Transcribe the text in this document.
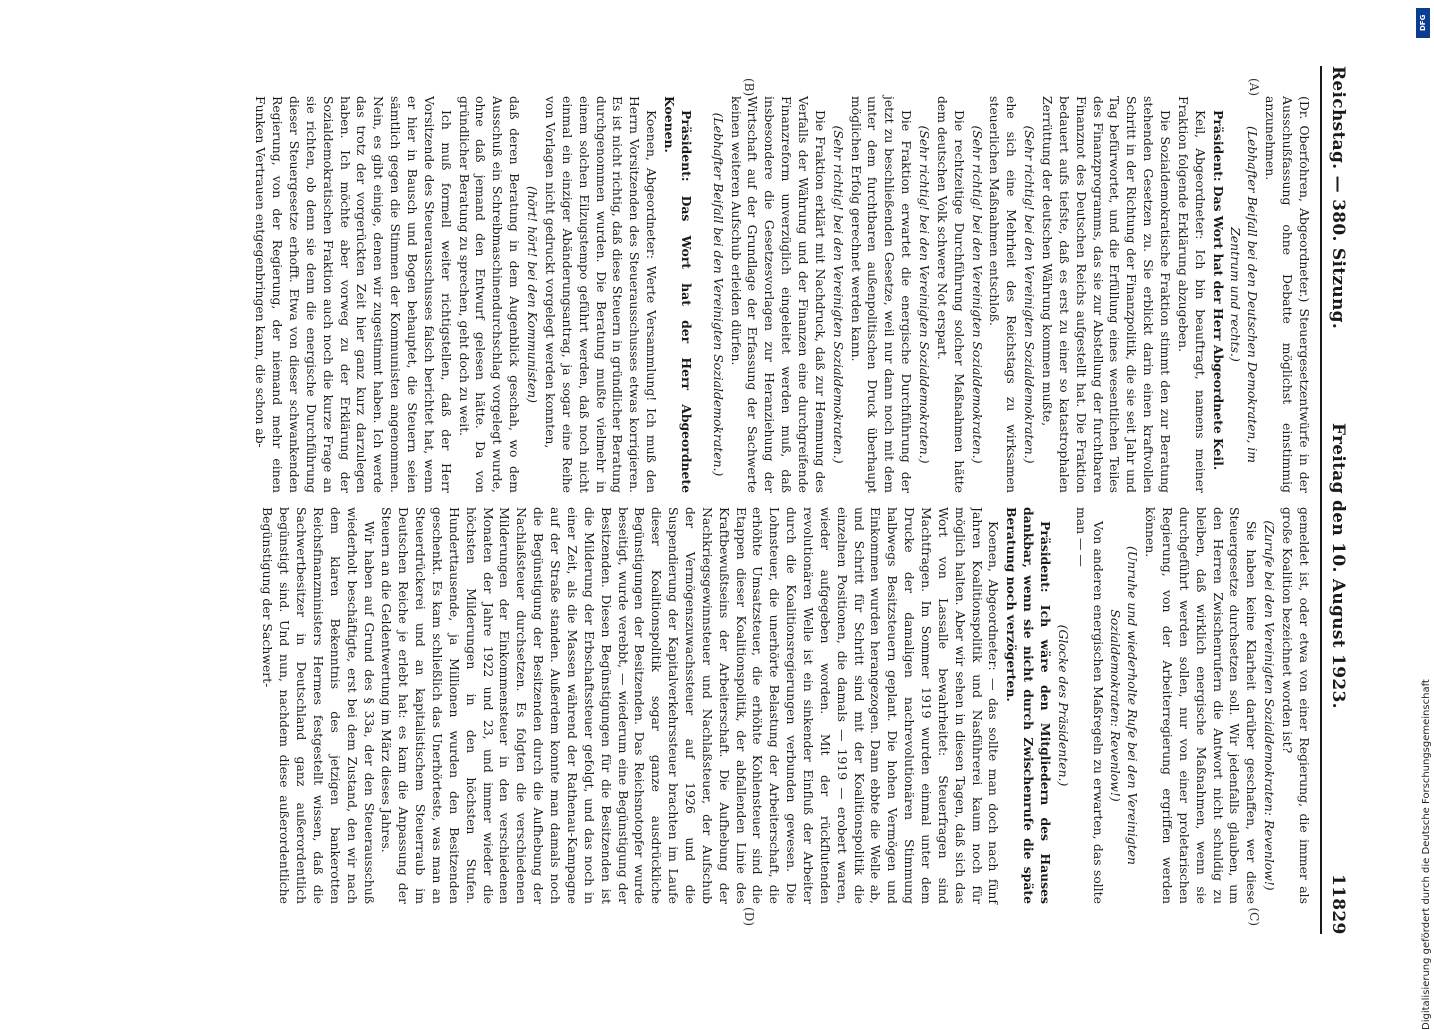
Reichstag. — 380. Sitzung.
Freitag den 10. August 1923.
11829
(A)
(B)
(C)
(D)

(Dr. Oberfohren, Abgeordneter.) Steuergesetzentwürfe in der Ausschußfassung ohne Debatte möglichst einstimmig anzunehmen.

(Lebhafter Beifall bei den Deutschen Demokraten, im Zentrum und rechts.)

Präsident: Das Wort hat der Herr Abgeordnete Keil.

Keil, Abgeordneter: Ich bin beauftragt, namens meiner Fraktion folgende Erklärung abzugeben.

Die Sozialdemokratische Fraktion stimmt den zur Beratung stehenden Gesetzen zu. Sie erblickt darin einen kraftvollen Schritt in der Richtung der Finanzpolitik, die sie seit Jahr und Tag befürwortet, und die Erfüllung eines wesentlichen Teiles des Finanzprogramms, das sie zur Abstellung der furchtbaren Finanznot des Deutschen Reichs aufgestellt hat. Die Fraktion bedauert aufs tiefste, daß es erst zu einer so katastrophalen Zerrüttung der deutschen Währung kommen mußte,

(Sehr richtig! bei den Vereinigten Sozialdemokraten.)

ehe sich eine Mehrheit des Reichstags zu wirksamen steuerlichen Maßnahmen entschloß.

(Sehr richtig! bei den Vereinigten Sozialdemokraten.)

Die rechtzeitige Durchführung solcher Maßnahmen hätte dem deutschen Volk schwere Not erspart.

(Sehr richtig! bei den Vereinigten Sozialdemokraten.)

Die Fraktion erwartet die energische Durchführung der jetzt zu beschließenden Gesetze, weil nur dann noch mit dem unter dem furchtbaren außenpolitischen Druck überhaupt möglichen Erfolg gerechnet werden kann.

(Sehr richtig! bei den Vereinigten Sozialdemokraten.)

Die Fraktion erklärt mit Nachdruck, daß zur Hemmung des Verfalls der Währung und der Finanzen eine durchgreifende Finanzreform unverzüglich eingeleitet werden muß, daß insbesondere die Gesetzesvorlagen zur Heranziehung der Wirtschaft auf der Grundlage der Erfassung der Sachwerte keinen weiteren Aufschub erleiden dürfen.

(Lebhafter Beifall bei den Vereinigten Sozialdemokraten.)

Präsident: Das Wort hat der Herr Abgeordnete Koenen.

Koenen, Abgeordneter: Werte Versammlung! Ich muß den Herrn Vorsitzenden des Steuerausschusses etwas korrigieren. Es ist nicht richtig, daß diese Steuern in gründlicher Beratung durchgenommen wurden. Die Beratung mußte vielmehr in einem solchen Eilzugstempo geführt werden, daß noch nicht einmal ein einziger Abänderungsantrag, ja sogar eine Reihe von Vorlagen nicht gedruckt vorgelegt werden konnten,

(hört! hört! bei den Kommunisten)

daß deren Beratung in dem Augenblick geschah, wo dem Ausschuß ein Schreibmaschinendurchschlag vorgelegt wurde, ohne daß jemand den Entwurf gelesen hätte. Da von gründlicher Beratung zu sprechen, geht doch zu weit.

Ich muß formell weiter richtigstellen, daß der Herr Vorsitzende des Steuerausschusses falsch berichtet hat, wenn er hier in Bausch und Bogen behauptet, die Steuern seien sämtlich gegen die Stimmen der Kommunisten angenommen. Nein, es gibt einige, denen wir zugestimmt haben. Ich werde das trotz der vorgerückten Zeit hier ganz kurz darzulegen haben. Ich möchte aber vorweg zu der Erklärung der Sozialdemokratischen Fraktion auch noch die kurze Frage an sie richten, ob denn sie denn die energische Durchführung dieser Steuergesetze erhofft. Etwa von dieser schwankenden Regierung, von der Regierung, der niemand mehr einen Funken Vertrauen entgegenbringen kann, die schon ab-

gemeldet ist, oder etwa von einer Regierung, die immer als große Koalition bezeichnet worden ist?

(Zurufe bei den Vereinigten Sozialdemokraten: Revenlow!)

Sie haben keine Klarheit darüber geschaffen, wer diese Steuergesetze durchsetzen soll. Wir jedenfalls glauben, um den Herren Zwischenrufern die Antwort nicht schuldig zu bleiben, daß wirklich energische Maßnahmen, wenn sie durchgeführt werden sollen, nur von einer proletarischen Regierung, von der Arbeiterregierung ergriffen werden können.

(Unruhe und wiederholte Rufe bei den Vereinigten Sozialdemokraten: Revenlow!)

Von anderen energischen Maßregeln zu erwarten, das sollte man — —

(Glocke des Präsidenten.)

Präsident: Ich wäre den Mitgliedern des Hauses dankbar, wenn sie nicht durch Zwischenrufe die späte Beratung noch verzögerten.

Koenen, Abgeordneter: — das sollte man doch nach fünf Jahren Koalitionspolitik und Nasführerei kaum noch für möglich halten. Aber wir sehen in diesen Tagen, daß sich das Wort von Lassalle bewahrheitet: Steuerfragen sind Machtfragen. Im Sommer 1919 wurden einmal unter dem Drucke der damaligen nachrevolutionären Stimmung halbwegs Besitzsteuern geplant. Die hohen Vermögen und Einkommen wurden herangezogen. Dann ebbte die Welle ab, und Schritt für Schritt sind mit der Koalitionspolitik die einzelnen Positionen, die damals — 1919 — erobert waren, wieder aufgegeben worden. Mit der rückflutenden revolutionären Welle ist ein sinkender Einfluß der Arbeiter durch die Koalitionsregierungen verbunden gewesen. Die Lohnsteuer, die unerhörte Belastung der Arbeiterschaft, die erhöhte Umsatzsteuer, die erhöhte Kohlensteuer sind die Etappen dieser Koalitionspolitik, der abfallenden Linie des Kraftbewußtseins der Arbeiterschaft. Die Aufhebung der Nachkriegsgewinnsteuer und Nachlaßsteuer, der Aufschub der Vermögenszuwachssteuer auf 1926 und die Suspendierung der Kapitalverkehrssteuer brachten im Laufe dieser Koalitionspolitik sogar ganze ausdrückliche Begünstigungen der Besitzenden. Das Reichsnotopfer wurde beseitigt, wurde verebbt, — wiederum eine Begünstigung der Besitzenden. Diesen Begünstigungen für die Besitzenden ist die Milderung der Erbschaftssteuer gefolgt, und das noch in einer Zeit, als die Massen während der Rathenau-Kampagne auf der Straße standen. Außerdem konnte man damals noch die Begünstigung der Besitzenden durch die Aufhebung der Nachlaßsteuer durchsetzen. Es folgten die verschiedenen Milderungen der Einkommensteuer in den verschiedenen Monaten der Jahre 1922 und 23, und immer wieder die höchsten Milderungen in den höchsten Stufen. Hunderttausende, ja Millionen wurden den Besitzenden geschenkt. Es kam schließlich das Unerhörteste, was man an Steuerdrückerei und an kapitalistischem Steuerraub im Deutschen Reiche je erlebt hat: es kam die Anpassung der Steuern an die Geldentwertung im März dieses Jahres.

Wir haben auf Grund des § 33a, der den Steuerausschuß wiederholt beschäftigte, erst bei dem Zustand, den wir nach dem klaren Bekenntnis des jetzigen bankerotten Reichsfinanzministers Hermes festgestellt wissen, daß die Sachwertbesitzer in Deutschland ganz außerordentlich begünstigt sind. Und nun, nachdem diese außerordentliche Begünstigung der Sachwert-

DFG
Digitalisierung gefördert durch die Deutsche Forschungsgemeinschaft
